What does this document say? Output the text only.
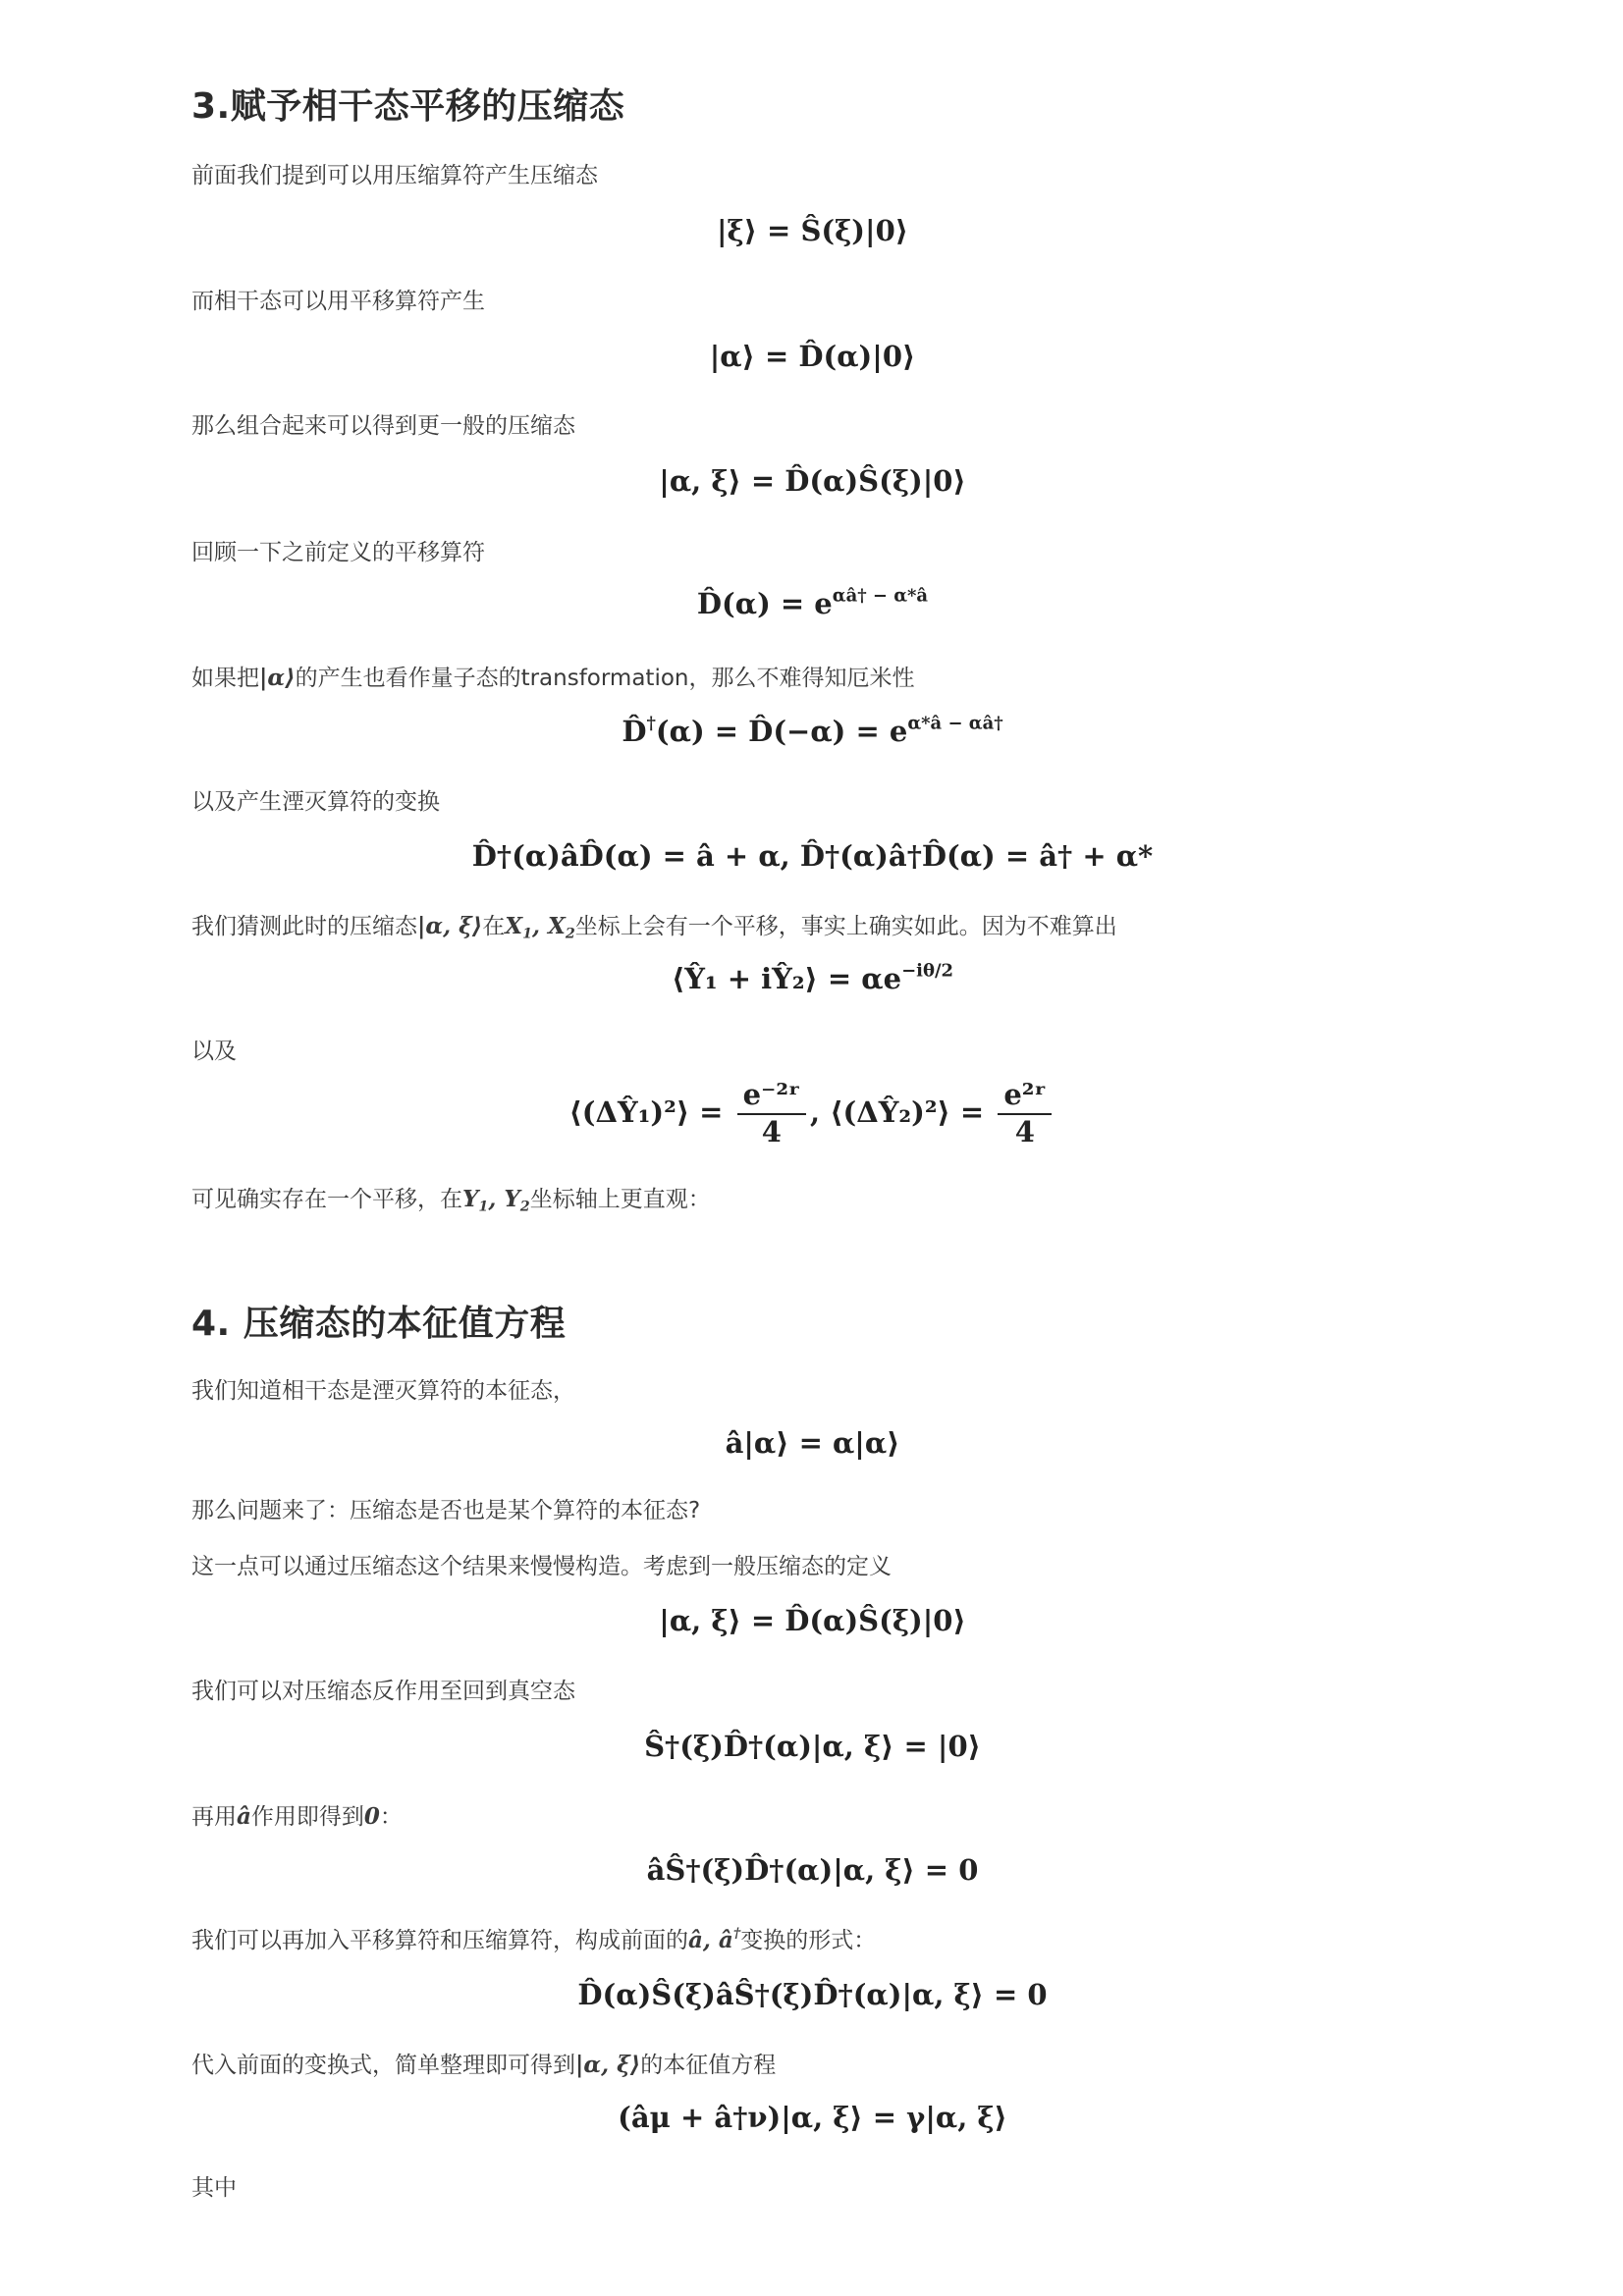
3.赋予相干态平移的压缩态
前面我们提到可以用压缩算符产生压缩态
|ξ⟩ = Ŝ(ξ)|0⟩
而相干态可以用平移算符产生
|α⟩ = D̂(α)|0⟩
那么组合起来可以得到更一般的压缩态
|α, ξ⟩ = D̂(α)Ŝ(ξ)|0⟩
回顾一下之前定义的平移算符
D̂(α) = $e^{\alpha â\dagger - \alpha*â}$
如果把|α⟩的产生也看作量子态的transformation，那么不难得知厄米性
D̂†(α) = D̂(−α) = $e^{\alpha*â - \alpha â\dagger}$
以及产生湮灭算符的变换
D̂†(α)âD̂(α) = â + α, D̂†(α)â†D̂(α) = â† + α*
我们猜测此时的压缩态|α, ξ⟩在$X_1$, $X_2$坐标上会有一个平移，事实上确实如此。因为不难算出
⟨Ŷ₁ + iŶ₂⟩ = $\alpha e^{-i\theta/2}$
以及
⟨(ΔŶ₁)²⟩ = $\frac{\text{e⁻²ʳ}}{4}$ , ⟨(ΔŶ₂)²⟩ = $\frac{\text{e²ʳ}}{4}$
可见确实存在一个平移，在$Y_1$, $Y_2$坐标轴上更直观：
4. 压缩态的本征值方程
我们知道相干态是湮灭算符的本征态，
â|α⟩ = α|α⟩
那么问题来了：压缩态是否也是某个算符的本征态?
这一点可以通过压缩态这个结果来慢慢构造。考虑到一般压缩态的定义
|α, ξ⟩ = D̂(α)Ŝ(ξ)|0⟩
我们可以对压缩态反作用至回到真空态
Ŝ†(ξ)D̂†(α)|α, ξ⟩ = |0⟩
再用â作用即得到0：
âŜ†(ξ)D̂†(α)|α, ξ⟩ = 0
我们可以再加入平移算符和压缩算符，构成前面的â, â†变换的形式：
D̂(α)Ŝ(ξ)âŜ†(ξ)D̂†(α)|α, ξ⟩ = 0
代入前面的变换式，简单整理即可得到|α, ξ⟩的本征值方程
(âμ + â†ν)|α, ξ⟩ = γ|α, ξ⟩
其中
